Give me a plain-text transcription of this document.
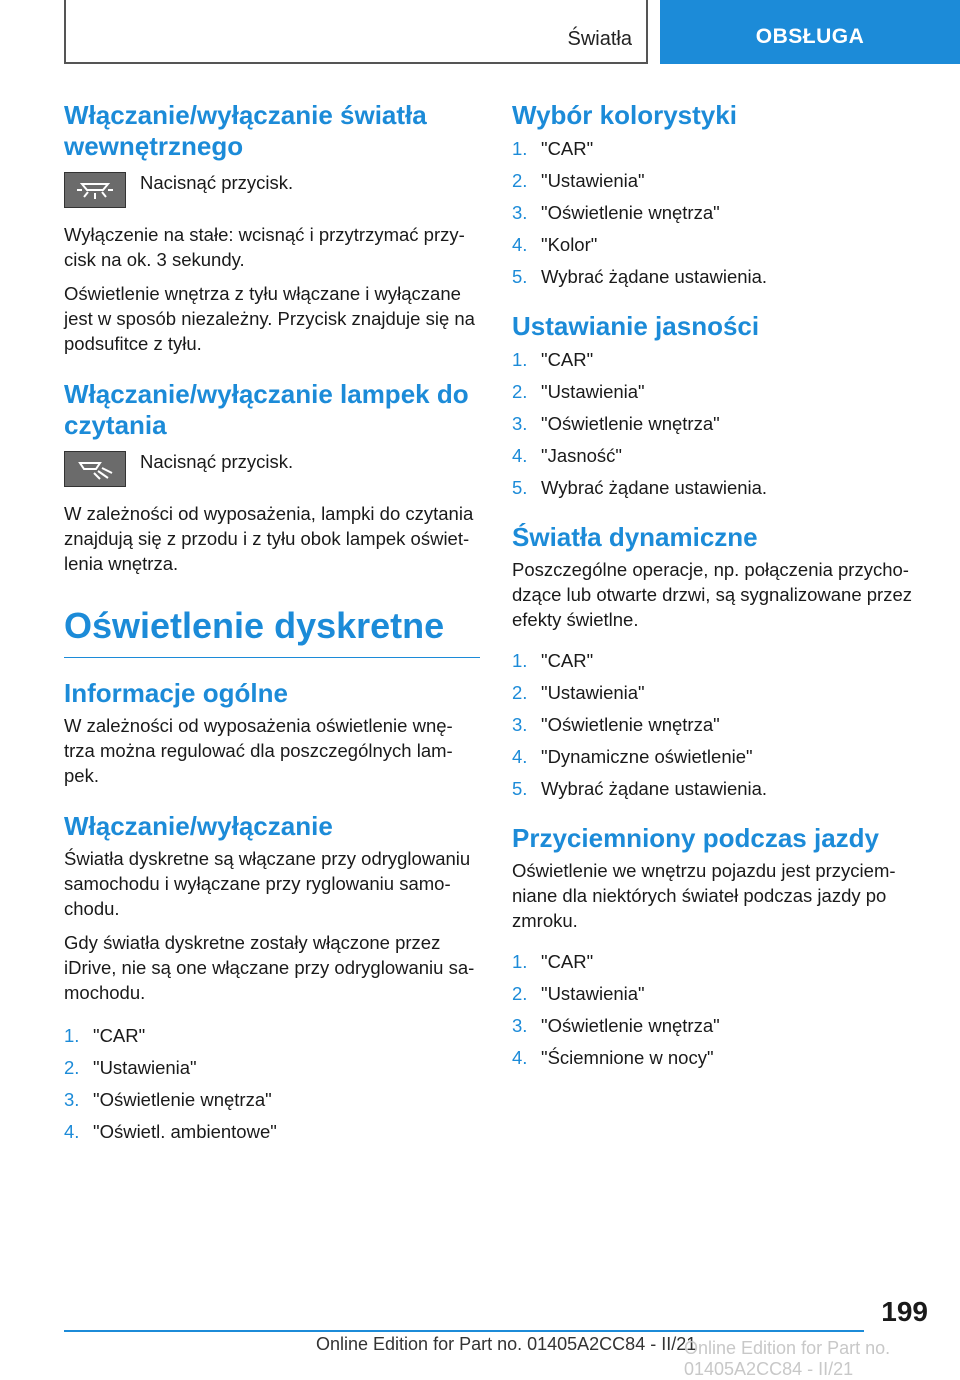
Światła	OBSŁUGA
Włączanie/wyłączanie światła wewnętrznego

Nacisnąć przycisk.

Wyłączenie na stałe: wcisnąć i przytrzymać przy-cisk na ok. 3 sekundy.

Oświetlenie wnętrza z tyłu włączane i wyłączane jest w sposób niezależny. Przycisk znajduje się na podsufitce z tyłu.

Włączanie/wyłączanie lampek do czytania

Nacisnąć przycisk.

W zależności od wyposażenia, lampki do czytania znajdują się z przodu i z tyłu obok lampek oświet-lenia wnętrza.

Oświetlenie dyskretne
Informacje ogólne

W zależności od wyposażenia oświetlenie wnę-trza można regulować dla poszczególnych lam-pek.

Włączanie/wyłączanie

Światła dyskretne są włączane przy odryglowaniu samochodu i wyłączane przy ryglowaniu samo-chodu.

Gdy światła dyskretne zostały włączone przez iDrive, nie są one włączane przy odryglowaniu sa-mochodu.

1. "CAR"
2. "Ustawienia"
3. "Oświetlenie wnętrza"
4. "Oświetl. ambientowe"
Wybór kolorystyki
1. "CAR"
2. "Ustawienia"
3. "Oświetlenie wnętrza"
4. "Kolor"
5. Wybrać żądane ustawienia.
Ustawianie jasności
1. "CAR"
2. "Ustawienia"
3. "Oświetlenie wnętrza"
4. "Jasność"
5. Wybrać żądane ustawienia.
Światła dynamiczne

Poszczególne operacje, np. połączenia przycho-dzące lub otwarte drzwi, są sygnalizowane przez efekty świetlne.

1. "CAR"
2. "Ustawienia"
3. "Oświetlenie wnętrza"
4. "Dynamiczne oświetlenie"
5. Wybrać żądane ustawienia.
Przyciemniony podczas jazdy

Oświetlenie we wnętrzu pojazdu jest przyciem-niane dla niektórych świateł podczas jazdy po zmroku.

1. "CAR"
2. "Ustawienia"
3. "Oświetlenie wnętrza"
4. "Ściemnione w nocy"
199
Online Edition for Part no. 01405A2CC84 - II/21
Online Edition for Part no. 01405A2CC84 - II/21
